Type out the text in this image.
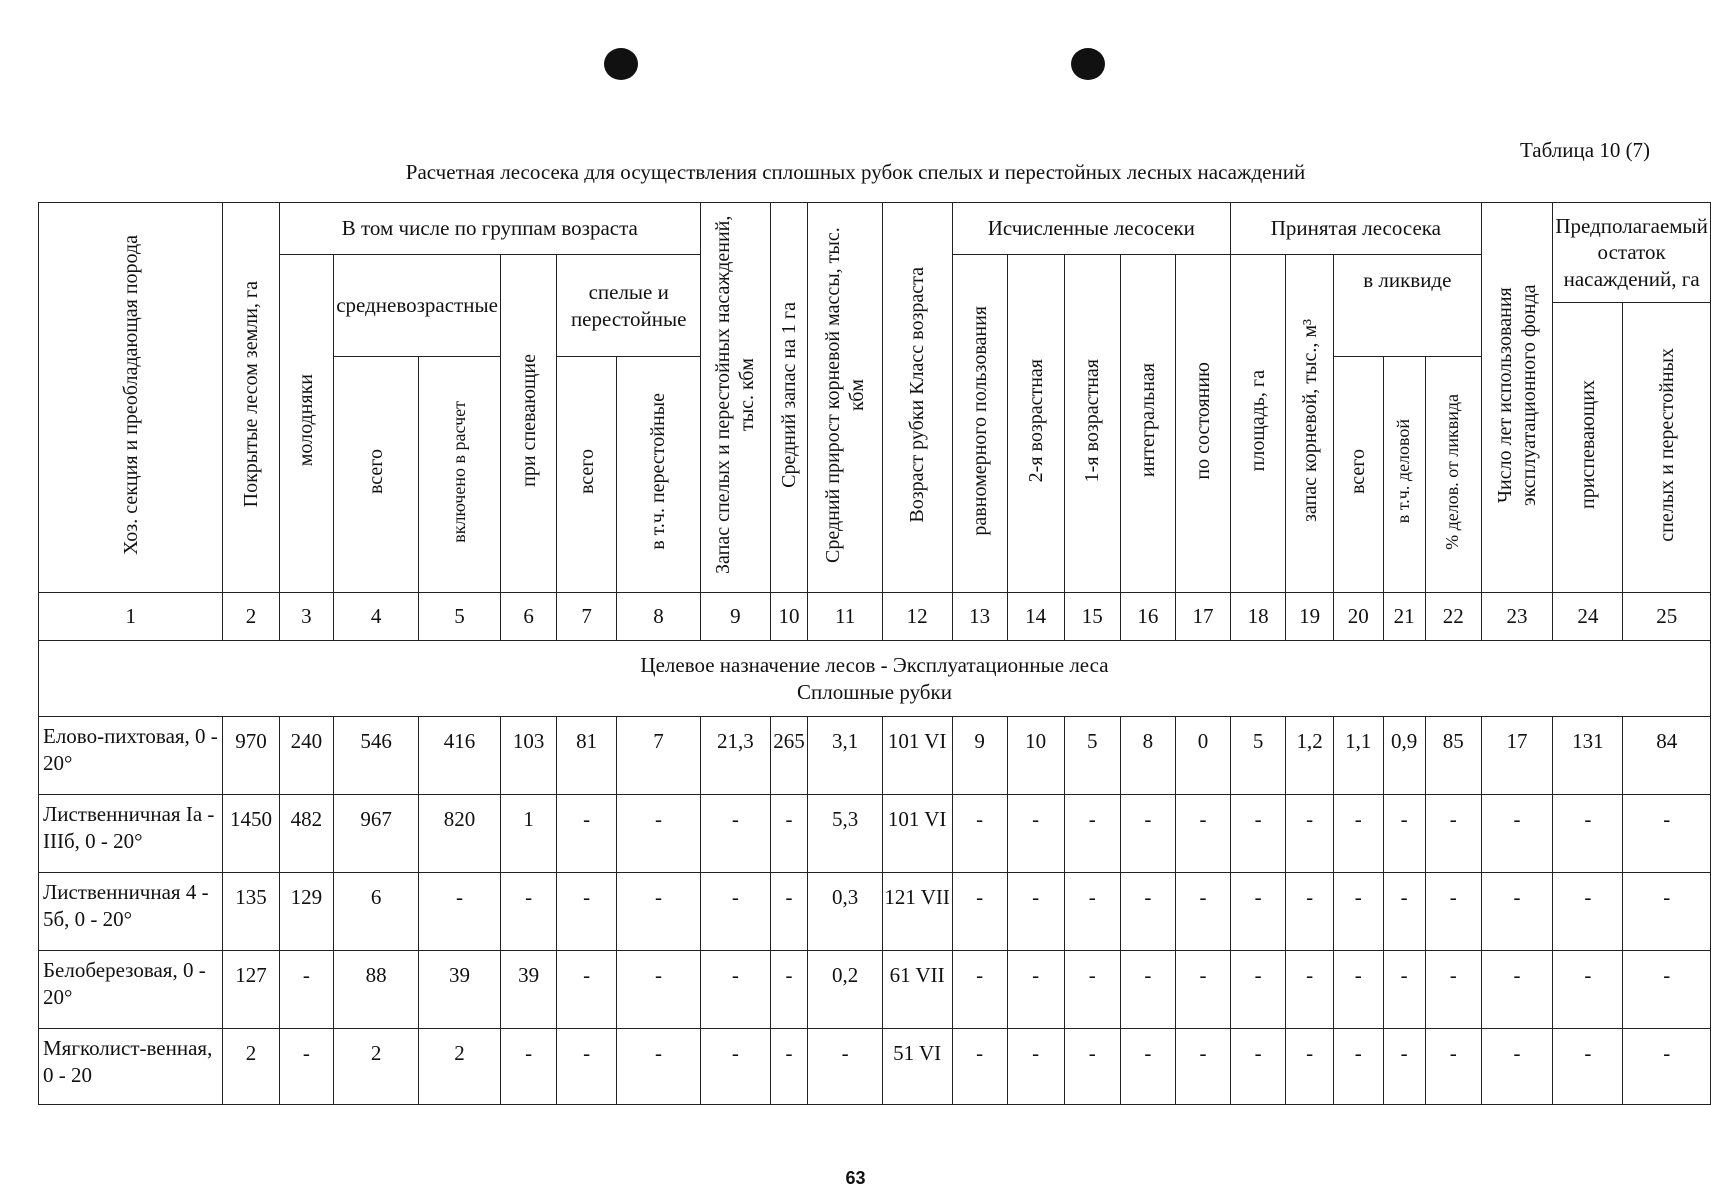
Таблица 10 (7)
Расчетная лесосека для осуществления сплошных рубок спелых и перестойных лесных насаждений
Хоз. секция и преобладающая порода	Покрытые лесом земли, га	В том числе по группам возраста						Запас спелых и перестойных насаждений, тыс. кбм	Средний запас на 1 га	Средний прирост корневой массы, тыс. кбм	Возраст рубки Класс возраста	Исчисленные лесосеки					Принятая лесосека					Число лет использования эксплуатационного фонда	Предполагаемый остаток насаждений, га	
		молодняки	средневозрастные		при спевающие	спелые и перестойные						равномерного пользования	2-я возрастная	1-я возрастная	интегральная	по состоянию	площадь, га	запас корневой, тыс., м³	в ликвиде					
																							приспевающих	спелых и перестойных
			всего	включено в расчет		всего	в т.ч. перестойные												всего	в т.ч. деловой	% делов. от ликвида			
1	2	3	4	5	6	7	8	9	10	11	12	13	14	15	16	17	18	19	20	21	22	23	24	25

Целевое назначение лесов - Эксплуатационные леса
Сплошные рубки																								

Елово-пихтовая, 0 - 20°	970	240	546	416	103	81	7	21,3	265	3,1	101 VI	9	10	5	8	0	5	1,2	1,1	0,9	85	17	131	84
Лиственничная Ia - IIIб, 0 - 20°	1450	482	967	820	1	-	-	-	-	5,3	101 VI	-	-	-	-	-	-	-	-	-	-	-	-	-
Лиственничная 4 - 5б, 0 - 20°	135	129	6	-	-	-	-	-	-	0,3	121 VII	-	-	-	-	-	-	-	-	-	-	-	-	-
Белоберезовая, 0 - 20°	127	-	88	39	39	-	-	-	-	0,2	61 VII	-	-	-	-	-	-	-	-	-	-	-	-	-
Мягколист-венная, 0 - 20	2	-	2	2	-	-	-	-	-	-	51 VI	-	-	-	-	-	-	-	-	-	-	-	-	-
63
